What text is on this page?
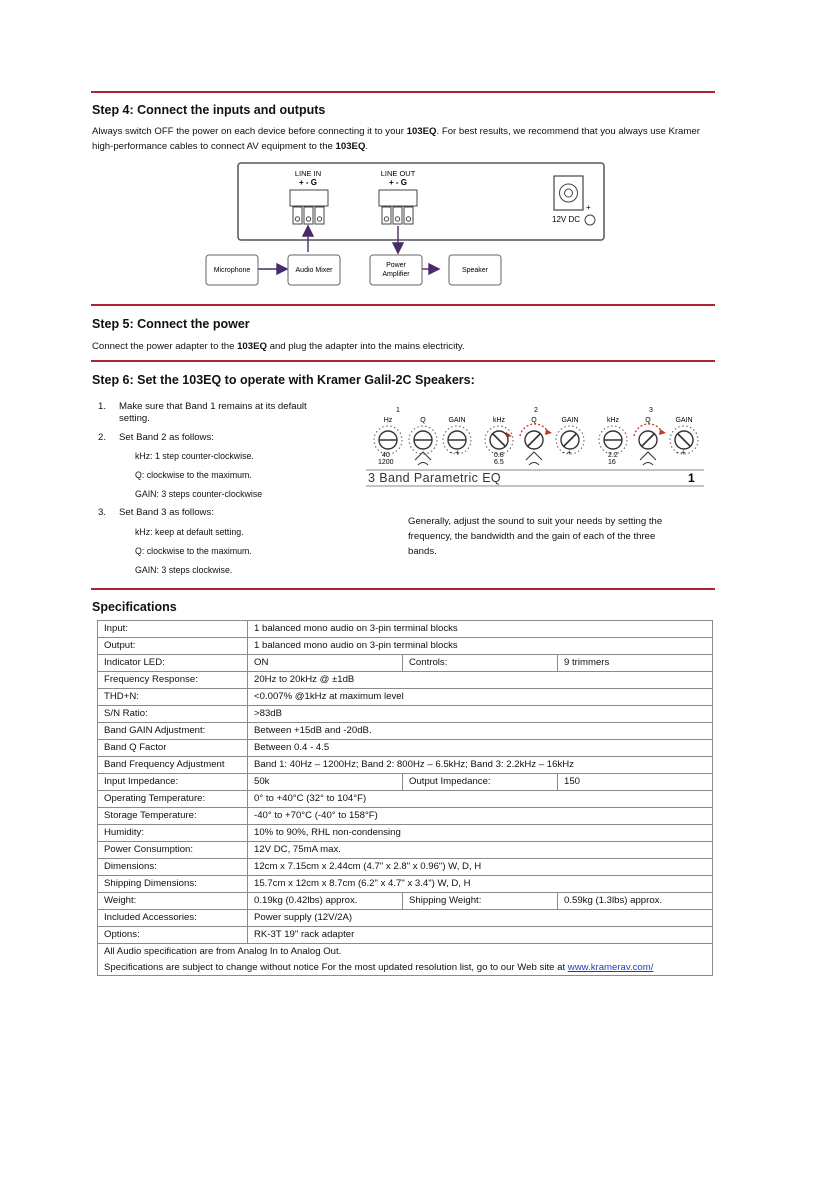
Step 4: Connect the inputs and outputs
Always switch OFF the power on each device before connecting it to your 103EQ. For best results, we recommend that you always use Kramer high-performance cables to connect AV equipment to the 103EQ.
LINE IN
+ - G
LINE OUT
+ - G
12V DC
+
Microphone	Audio Mixer
Power
Amplifier
Speaker
Step 5: Connect the power
Connect the power adapter to the 103EQ and plug the adapter into the mains electricity.
Step 6: Set the 103EQ to operate with Kramer Galil-2C Speakers:
1. Make sure that Band 1 remains at its default setting.
2. Set Band 2 as follows:
kHz: 1 step counter-clockwise.
Q: clockwise to the maximum.
GAIN: 3 steps counter-clockwise
3. Set Band 3 as follows:
kHz: keep at default setting.
Q: clockwise to the maximum.
GAIN: 3 steps clockwise.
Generally, adjust the sound to suit your needs by setting the frequency, the bandwidth and the gain of each of the three bands.
1	2	3
Hz	Q	GAIN	kHz	Q	GAIN	kHz	Q	GAIN
40
1200
0.8
6.5
2.2
16
- +	- +	- +
3 Band Parametric EQ	1
Specifications
Input:	1 balanced mono audio on 3-pin terminal blocks		
Output:	1 balanced mono audio on 3-pin terminal blocks		
Indicator LED:	ON	Controls:	9 trimmers
Frequency Response:	20Hz to 20kHz @ ±1dB		
THD+N:	<0.007% @1kHz at maximum level		
S/N Ratio:	>83dB		
Band GAIN Adjustment:	Between +15dB and -20dB.		
Band Q Factor	Between 0.4 - 4.5		
Band Frequency Adjustment	Band 1: 40Hz – 1200Hz; Band 2: 800Hz – 6.5kHz; Band 3: 2.2kHz – 16kHz		
Input Impedance:	50k	Output Impedance:	150
Operating Temperature:	0° to +40°C (32° to 104°F)		
Storage Temperature:	-40° to +70°C (-40° to 158°F)		
Humidity:	10% to 90%, RHL non-condensing		
Power Consumption:	12V DC, 75mA max.		
Dimensions:	12cm x 7.15cm x 2.44cm (4.7" x 2.8" x 0.96") W, D, H		
Shipping Dimensions:	15.7cm x 12cm x 8.7cm (6.2" x 4.7" x 3.4") W, D, H		
Weight:	0.19kg (0.42lbs) approx.	Shipping Weight:	0.59kg (1.3lbs) approx.
Included Accessories:	Power supply (12V/2A)		
Options:	RK-3T 19" rack adapter		

All Audio specification are from Analog In to Analog Out.
Specifications are subject to change without notice For the most updated resolution list, go to our Web site at www.kramerav.com/			
